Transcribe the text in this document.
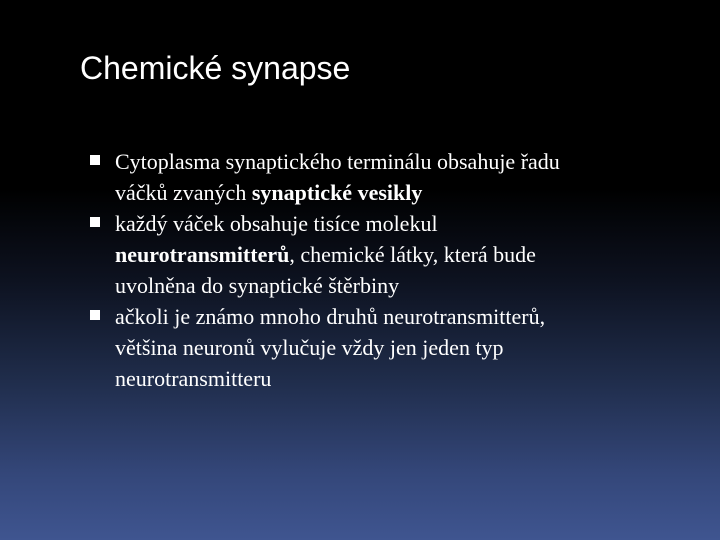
Chemické synapse
Cytoplasma synaptického terminálu obsahuje řadu
váčků zvaných synaptické vesikly
každý váček obsahuje tisíce molekul
neurotransmitterů, chemické látky, která bude
uvolněna do synaptické štěrbiny
ačkoli je známo mnoho druhů neurotransmitterů,
většina neuronů vylučuje vždy jen jeden typ
neurotransmitteru
